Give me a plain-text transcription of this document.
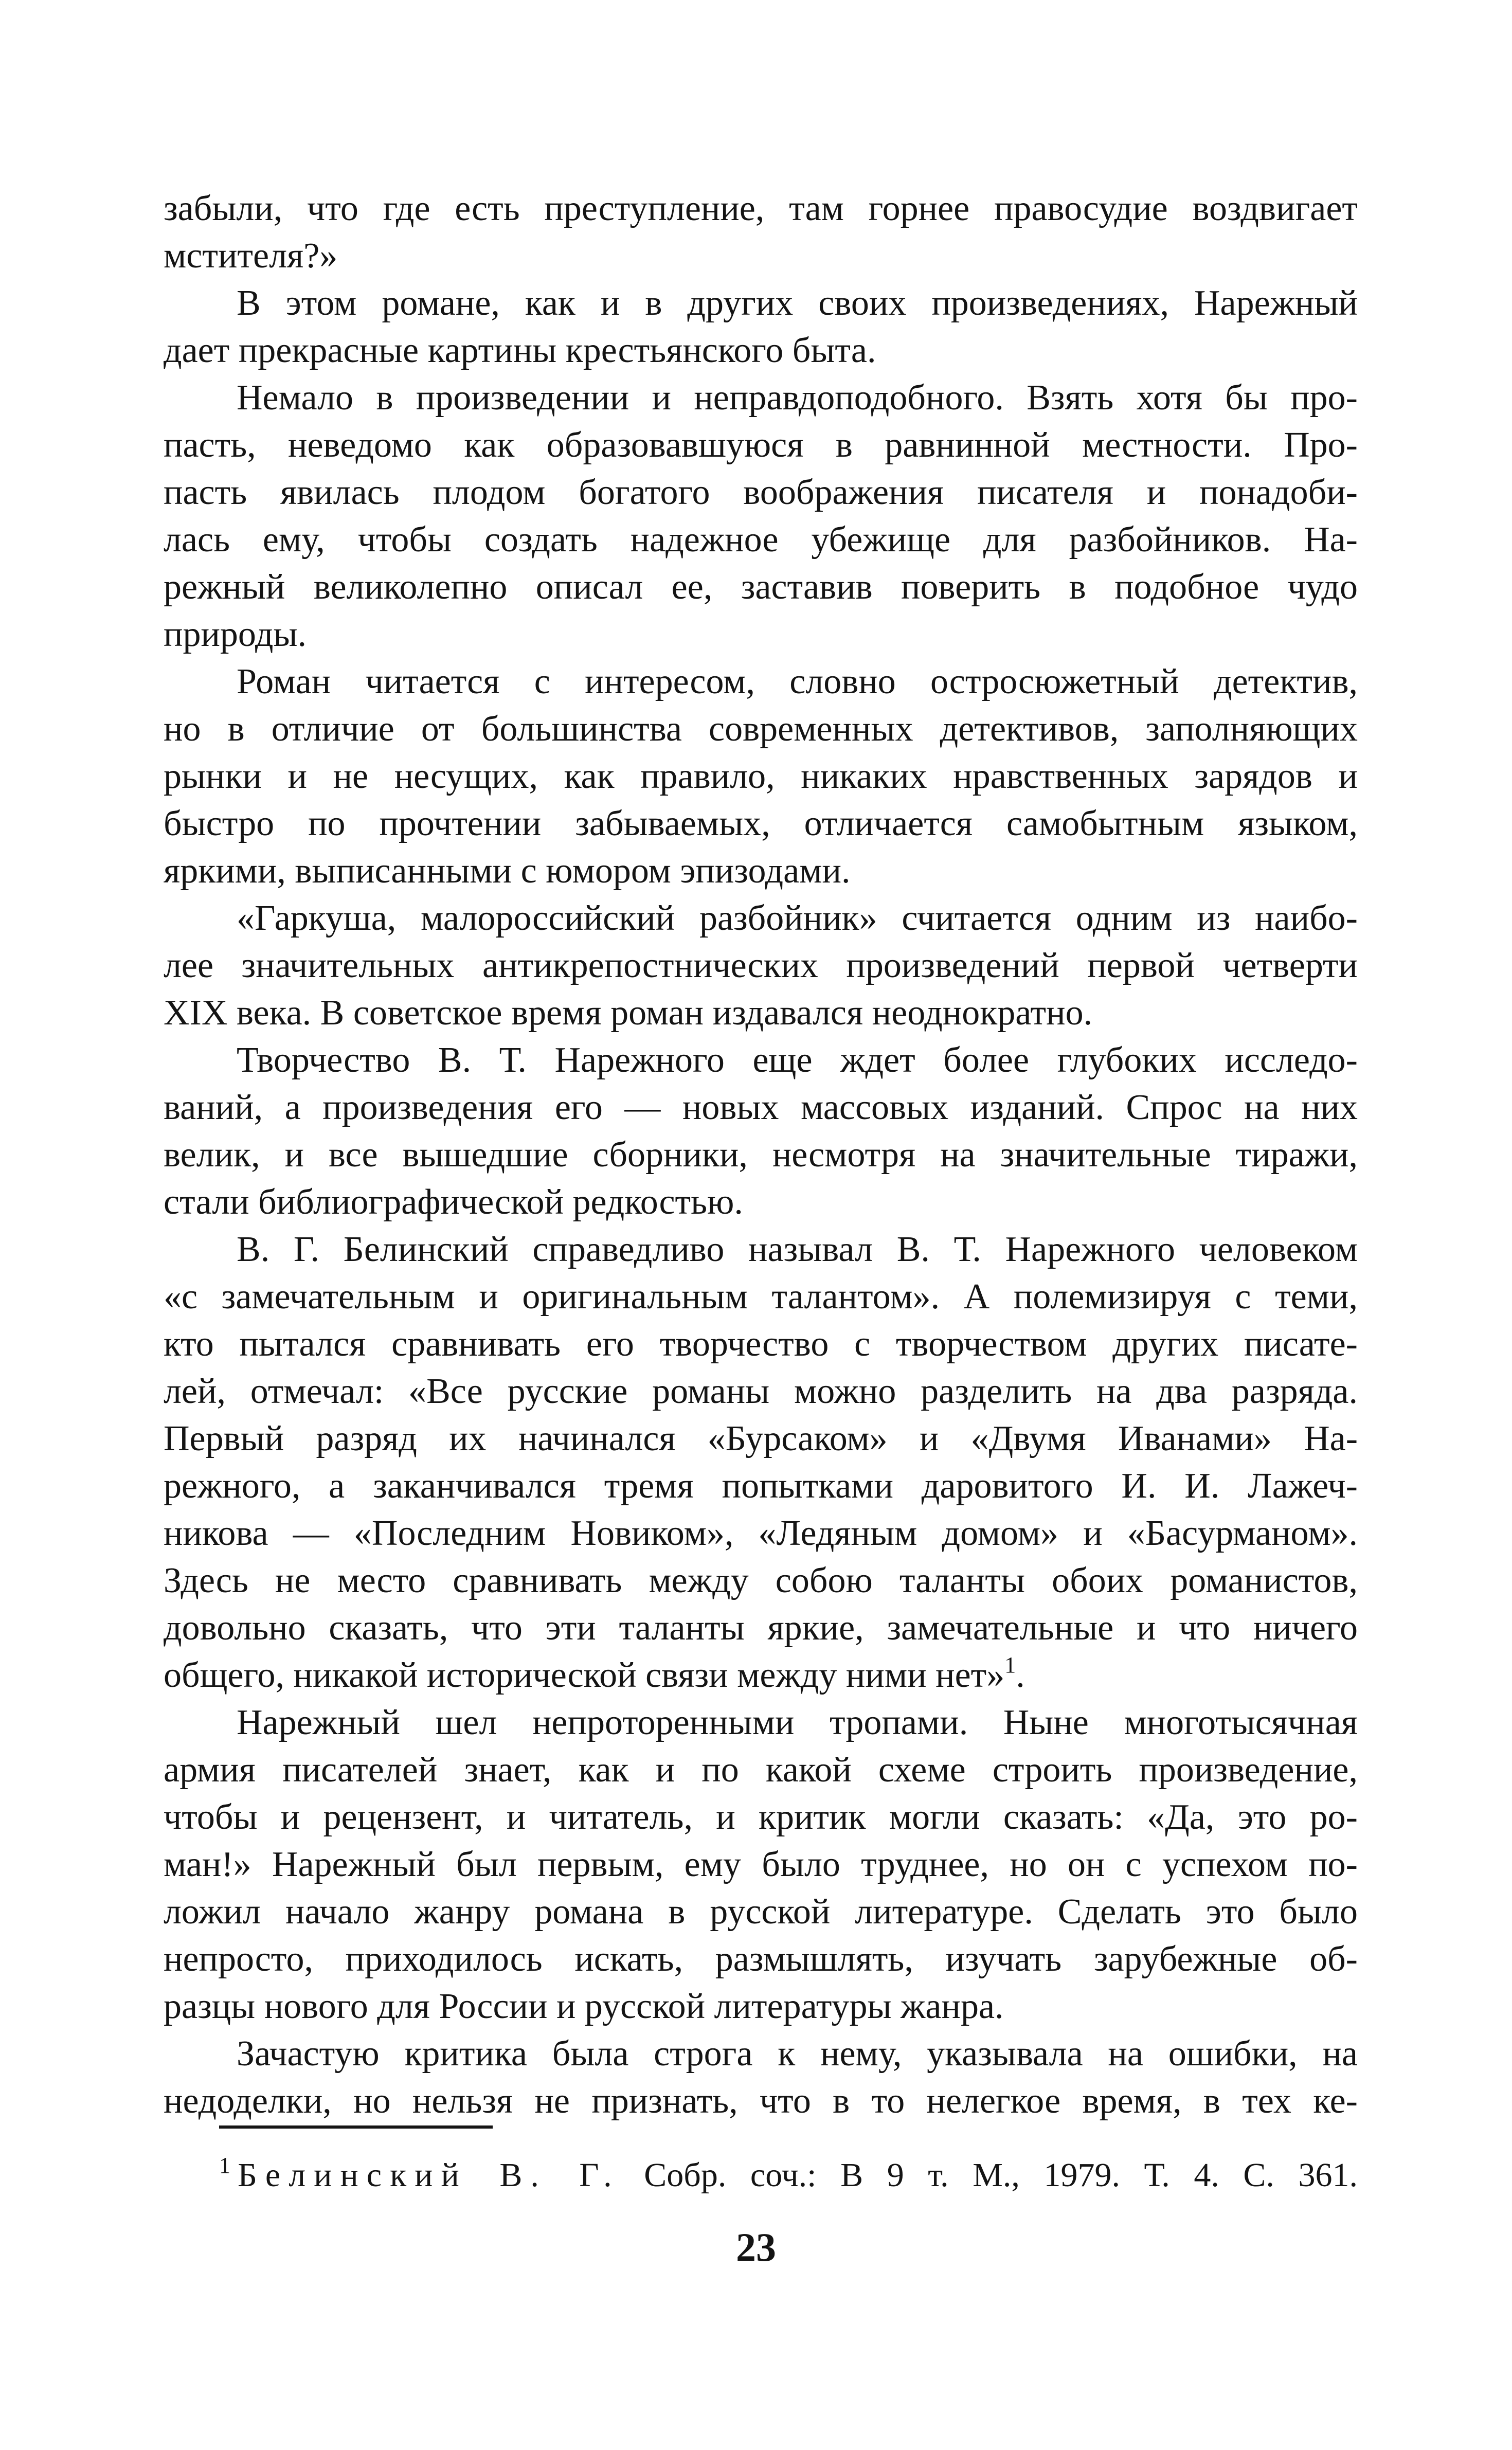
забыли, что где есть преступление, там горнее правосудие воздвигает
мстителя?»
В этом романе, как и в других своих произведениях, Нарежный
дает прекрасные картины крестьянского быта.
Немало в произведении и неправдоподобного. Взять хотя бы про-
пасть, неведомо как образовавшуюся в равнинной местности. Про-
пасть явилась плодом богатого воображения писателя и понадоби-
лась ему, чтобы создать надежное убежище для разбойников. На-
режный великолепно описал ее, заставив поверить в подобное чудо
природы.
Роман читается с интересом, словно остросюжетный детектив,
но в отличие от большинства современных детективов, заполняющих
рынки и не несущих, как правило, никаких нравственных зарядов и
быстро по прочтении забываемых, отличается самобытным языком,
яркими, выписанными с юмором эпизодами.
«Гаркуша, малороссийский разбойник» считается одним из наибо-
лее значительных антикрепостнических произведений первой четверти
XIX века. В советское время роман издавался неоднократно.
Творчество В. Т. Нарежного еще ждет более глубоких исследо-
ваний, а произведения его — новых массовых изданий. Спрос на них
велик, и все вышедшие сборники, несмотря на значительные тиражи,
стали библиографической редкостью.
В. Г. Белинский справедливо называл В. Т. Нарежного человеком
«с замечательным и оригинальным талантом». А полемизируя с теми,
кто пытался сравнивать его творчество с творчеством других писате-
лей, отмечал: «Все русские романы можно разделить на два разряда.
Первый разряд их начинался «Бурсаком» и «Двумя Иванами» На-
режного, а заканчивался тремя попытками даровитого И. И. Лажеч-
никова — «Последним Новиком», «Ледяным домом» и «Басурманом».
Здесь не место сравнивать между собою таланты обоих романистов,
довольно сказать, что эти таланты яркие, замечательные и что ничего
общего, никакой исторической связи между ними нет»$^1$.
Нарежный шел непроторенными тропами. Ныне многотысячная
армия писателей знает, как и по какой схеме строить произведение,
чтобы и рецензент, и читатель, и критик могли сказать: «Да, это ро-
ман!» Нарежный был первым, ему было труднее, но он с успехом по-
ложил начало жанру романа в русской литературе. Сделать это было
непросто, приходилось искать, размышлять, изучать зарубежные об-
разцы нового для России и русской литературы жанра.
Зачастую критика была строга к нему, указывала на ошибки, на
недоделки, но нельзя не признать, что в то нелегкое время, в тех ке-
$^1$ Белинский В. Г. Собр. соч.: В 9 т. М., 1979. Т. 4. С. 361.
23
